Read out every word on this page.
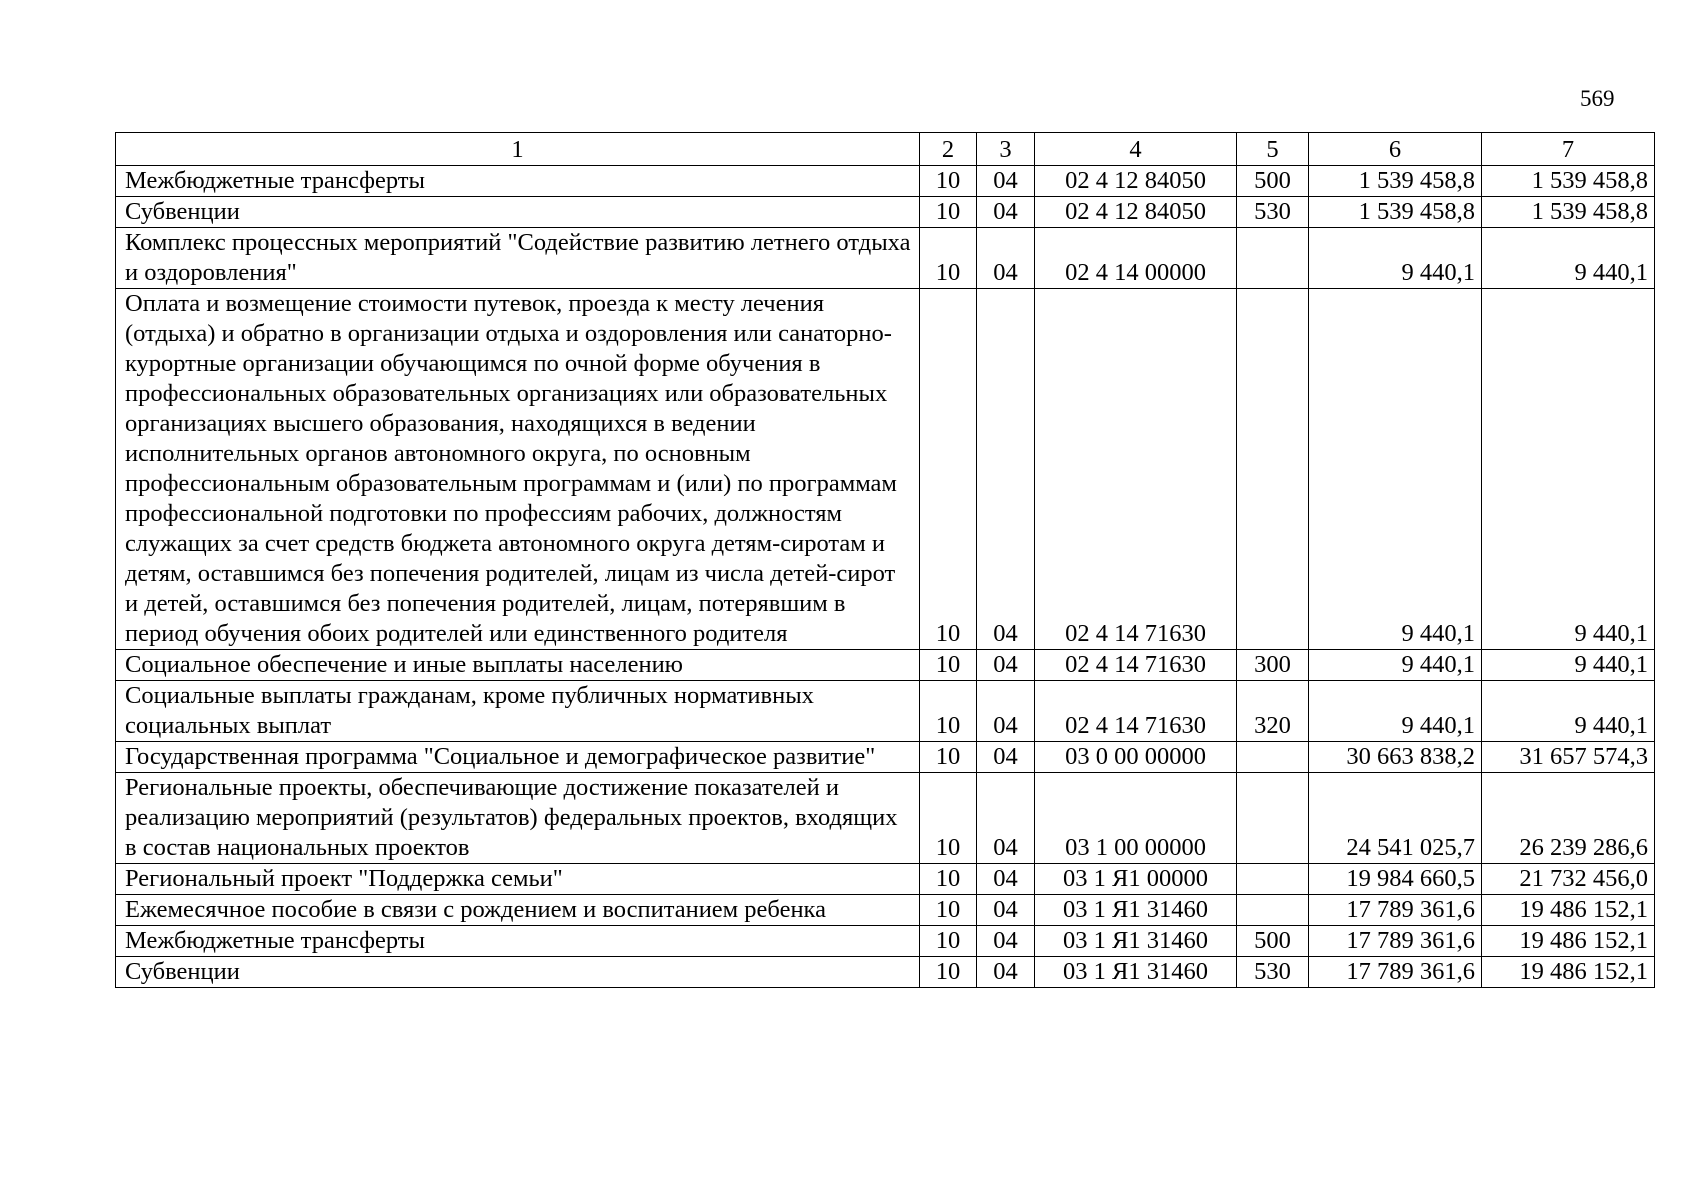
569
1	2	3	4	5	6	7
Межбюджетные трансферты	10	04	02 4 12 84050	500	1 539 458,8	1 539 458,8
Субвенции	10	04	02 4 12 84050	530	1 539 458,8	1 539 458,8
Комплекс процессных мероприятий "Содействие развитию летнего отдыха и оздоровления"	10	04	02 4 14 00000		9 440,1	9 440,1
Оплата и возмещение стоимости путевок, проезда к месту лечения (отдыха) и обратно в организации отдыха и оздоровления или санаторно-курортные организации обучающимся по очной форме обучения в профессиональных образовательных организациях или образовательных организациях высшего образования, находящихся в ведении исполнительных органов автономного округа, по основным профессиональным образовательным программам и (или) по программам профессиональной подготовки по профессиям рабочих, должностям служащих за счет средств бюджета автономного округа детям-сиротам и детям, оставшимся без попечения родителей, лицам из числа детей-сирот и детей, оставшимся без попечения родителей, лицам, потерявшим в период обучения обоих родителей или единственного родителя	10	04	02 4 14 71630		9 440,1	9 440,1
Социальное обеспечение и иные выплаты населению	10	04	02 4 14 71630	300	9 440,1	9 440,1
Социальные выплаты гражданам, кроме публичных нормативных социальных выплат	10	04	02 4 14 71630	320	9 440,1	9 440,1
Государственная программа "Социальное и демографическое развитие"	10	04	03 0 00 00000		30 663 838,2	31 657 574,3
Региональные проекты, обеспечивающие достижение показателей и реализацию мероприятий (результатов) федеральных проектов, входящих в состав национальных проектов	10	04	03 1 00 00000		24 541 025,7	26 239 286,6
Региональный проект "Поддержка семьи"	10	04	03 1 Я1 00000		19 984 660,5	21 732 456,0
Ежемесячное пособие в связи с рождением и воспитанием ребенка	10	04	03 1 Я1 31460		17 789 361,6	19 486 152,1
Межбюджетные трансферты	10	04	03 1 Я1 31460	500	17 789 361,6	19 486 152,1
Субвенции	10	04	03 1 Я1 31460	530	17 789 361,6	19 486 152,1
